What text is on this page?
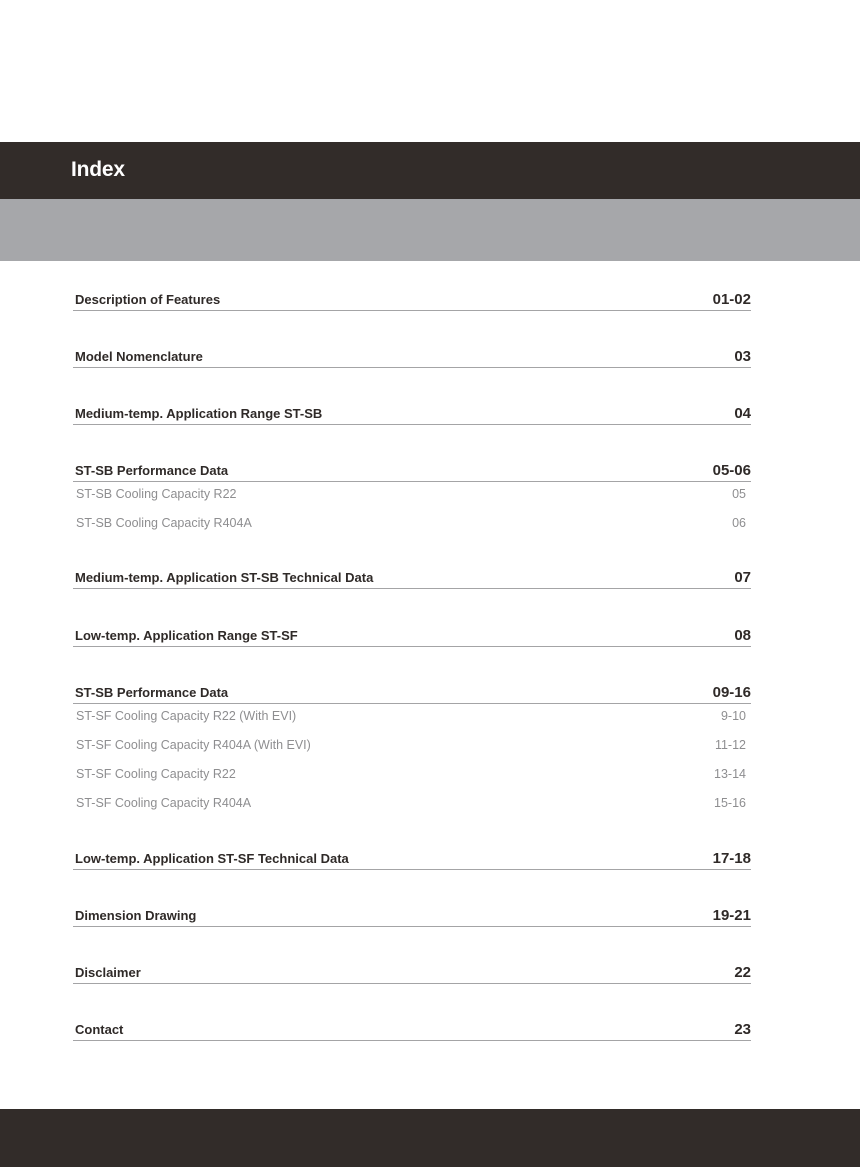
Index
Description of Features	01-02
Model Nomenclature	03
Medium-temp. Application Range ST-SB	04
ST-SB Performance Data	05-06
ST-SB Cooling Capacity R22	05
ST-SB Cooling Capacity R404A	06
Medium-temp. Application ST-SB Technical Data	07
Low-temp. Application Range ST-SF	08
ST-SB Performance Data	09-16
ST-SF Cooling Capacity R22 (With EVI)	9-10
ST-SF Cooling Capacity R404A (With EVI)	11-12
ST-SF Cooling Capacity R22	13-14
ST-SF Cooling Capacity R404A	15-16
Low-temp. Application ST-SF Technical Data	17-18
Dimension Drawing	19-21
Disclaimer	22
Contact	23
